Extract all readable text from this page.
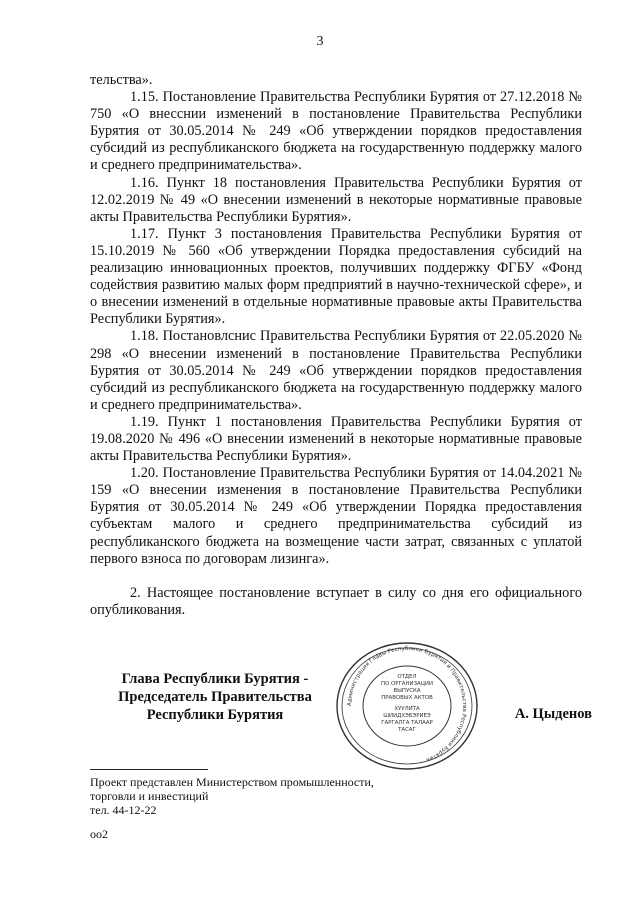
3

тельства».

1.15. Постановление Правительства Республики Бурятия от 27.12.2018 № 750 «О внесснии изменений в постановление Правительства Республики Бурятия от 30.05.2014 № 249 «Об утверждении порядков предоставления субсидий из республиканского бюджета на государственную поддержку малого и среднего предпринимательства».

1.16. Пункт 18 постановления Правительства Республики Бурятия от 12.02.2019 № 49 «О внесении изменений в некоторые нормативные правовые акты Правительства Республики Бурятия».

1.17. Пункт 3 постановления Правительства Республики Бурятия от 15.10.2019 № 560 «Об утверждении Порядка предоставления субсидий на реализацию инновационных проектов, получивших поддержку ФГБУ «Фонд содействия развитию малых форм предприятий в научно-технической сфере», и о внесении изменений в отдельные нормативные правовые акты Правительства Республики Бурятия».

1.18. Постановлснис Правительства Республики Бурятия от 22.05.2020 № 298 «О внесении изменений в постановление Правительства Республики Бурятия от 30.05.2014 № 249 «Об утверждении порядков предоставления субсидий из республиканского бюджета на государственную поддержку малого и среднего предпринимательства».

1.19. Пункт 1 постановления Правительства Республики Бурятия от 19.08.2020 № 496 «О внесении изменений в некоторые нормативные правовые акты Правительства Республики Бурятия».

1.20. Постановление Правительства Республики Бурятия от 14.04.2021 № 159 «О внесении изменения в постановление Правительства Республики Бурятия от 30.05.2014 № 249 «Об утверждении Порядка предоставления субъектам малого и среднего предпринимательства субсидий из республиканского бюджета на возмещение части затрат, связанных с уплатой первого взноса по договорам лизинга».

2. Настоящее постановление вступает в силу со дня его официального опубликования.

Глава Республики Бурятия -
Председатель Правительства
Республики Бурятия
Администрация Главы Республики Бурятия и Правительства Республики Бурятия
ОТДЕЛ
ПО ОРГАНИЗАЦИИ
ВЫПУСКА
ПРАВОВЫХ АКТОВ
ХУУЛИТА
ШИИДХЭБЭРИЕЭ
ГАРГАЛГА ТАЛААР
ТАСАГ
А. Цыденов
Проект представлен Министерством промышленности,
торговли и инвестиций
тел. 44-12-22
оо2
